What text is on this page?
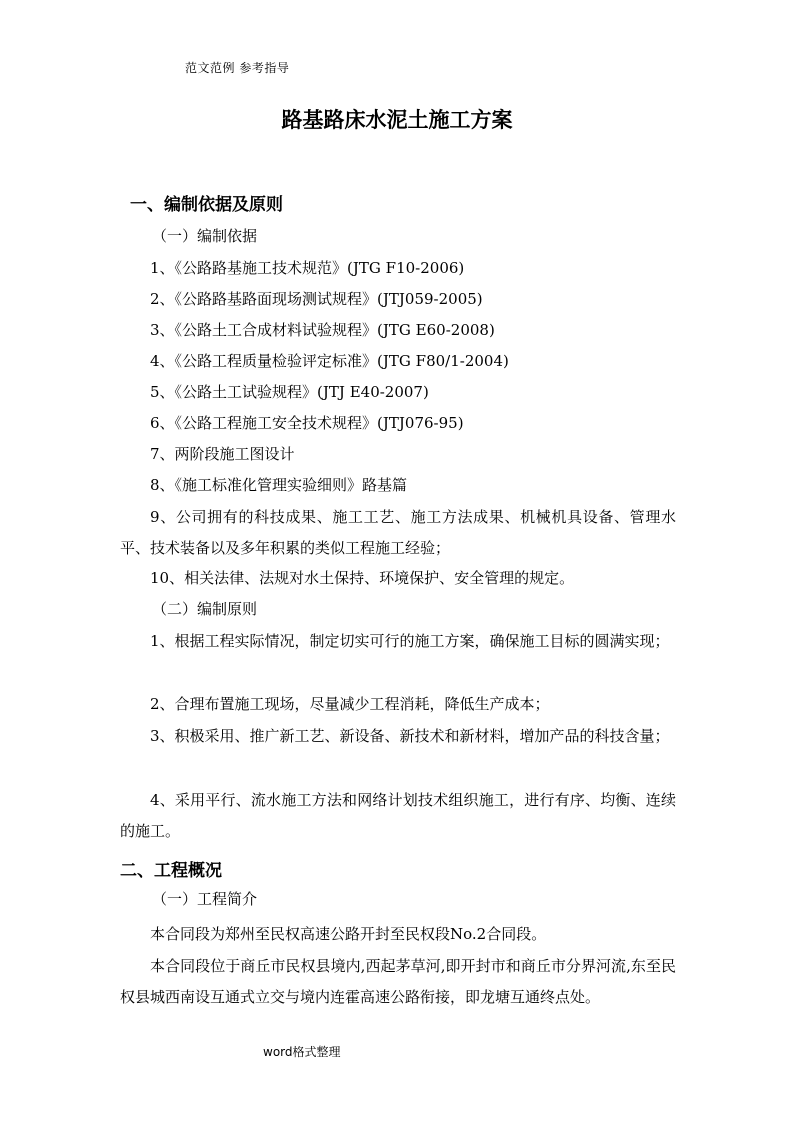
范文范例 参考指导
路基路床水泥土施工方案
一、编制依据及原则
（一）编制依据
1、《公路路基施工技术规范》(JTG F10-2006)
2、《公路路基路面现场测试规程》(JTJ059-2005)
3、《公路土工合成材料试验规程》(JTG E60-2008)
4、《公路工程质量检验评定标准》(JTG F80/1-2004)
5、《公路土工试验规程》(JTJ E40-2007)
6、《公路工程施工安全技术规程》(JTJ076-95)
7、两阶段施工图设计
8、《施工标准化管理实验细则》路基篇
9、公司拥有的科技成果、施工工艺、施工方法成果、机械机具设备、管理水平、技术装备以及多年积累的类似工程施工经验；
10、相关法律、法规对水土保持、环境保护、安全管理的规定。
（二）编制原则
1、根据工程实际情况，制定切实可行的施工方案，确保施工目标的圆满实现；
2、合理布置施工现场，尽量减少工程消耗，降低生产成本；
3、积极采用、推广新工艺、新设备、新技术和新材料，增加产品的科技含量；
4、采用平行、流水施工方法和网络计划技术组织施工，进行有序、均衡、连续的施工。
二、工程概况
（一）工程简介
本合同段为郑州至民权高速公路开封至民权段No.2合同段。
本合同段位于商丘市民权县境内,西起茅草河,即开封市和商丘市分界河流,东至民权县城西南设互通式立交与境内连霍高速公路衔接，即龙塘互通终点处。
word格式整理
